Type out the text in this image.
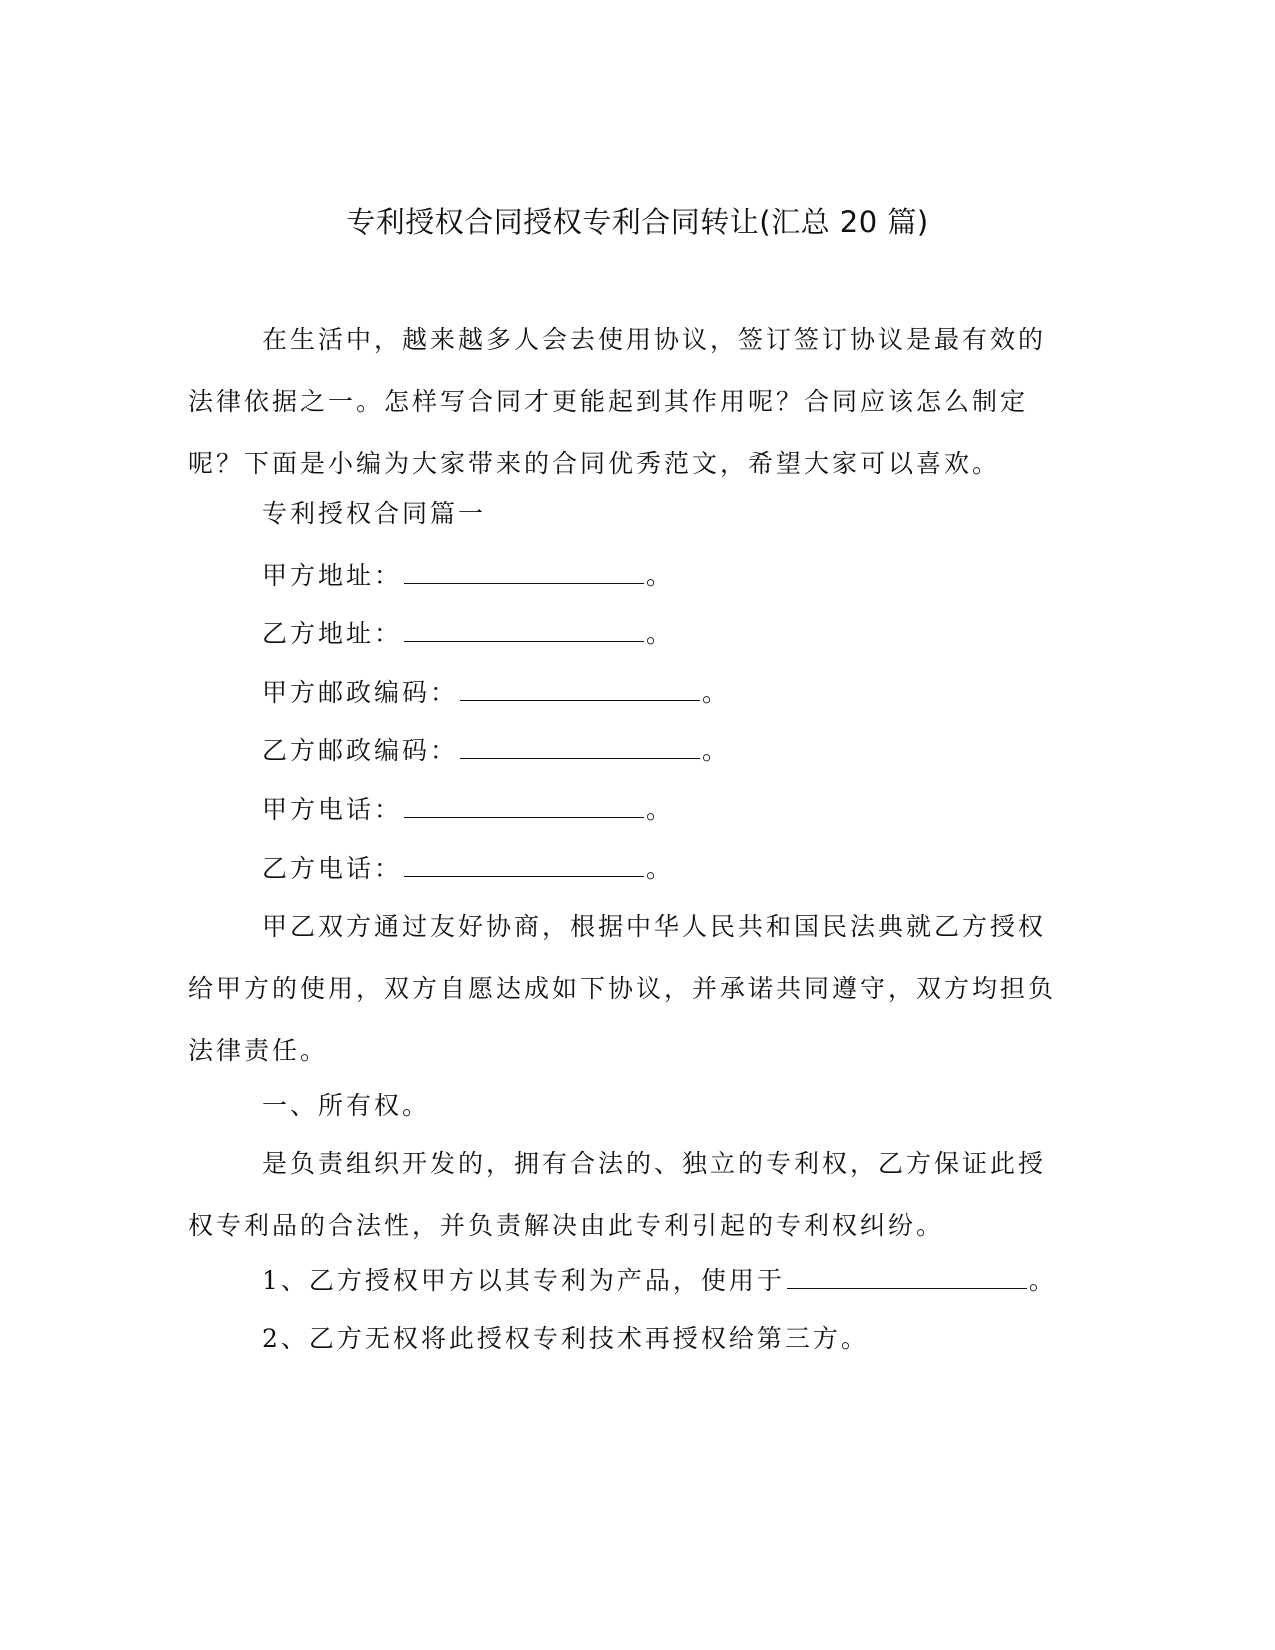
专利授权合同授权专利合同转让(汇总 20 篇)
在生活中，越来越多人会去使用协议，签订签订协议是最有效的法律依据之一。怎样写合同才更能起到其作用呢？合同应该怎么制定呢？下面是小编为大家带来的合同优秀范文，希望大家可以喜欢。
专利授权合同篇一
甲方地址：	。
乙方地址：	。
甲方邮政编码：	。
乙方邮政编码：	。
甲方电话：	。
乙方电话：	。
甲乙双方通过友好协商，根据中华人民共和国民法典就乙方授权给甲方的使用，双方自愿达成如下协议，并承诺共同遵守，双方均担负法律责任。
一、所有权。
是负责组织开发的，拥有合法的、独立的专利权，乙方保证此授权专利品的合法性，并负责解决由此专利引起的专利权纠纷。
1、乙方授权甲方以其专利为产品，使用于	。
2、乙方无权将此授权专利技术再授权给第三方。
